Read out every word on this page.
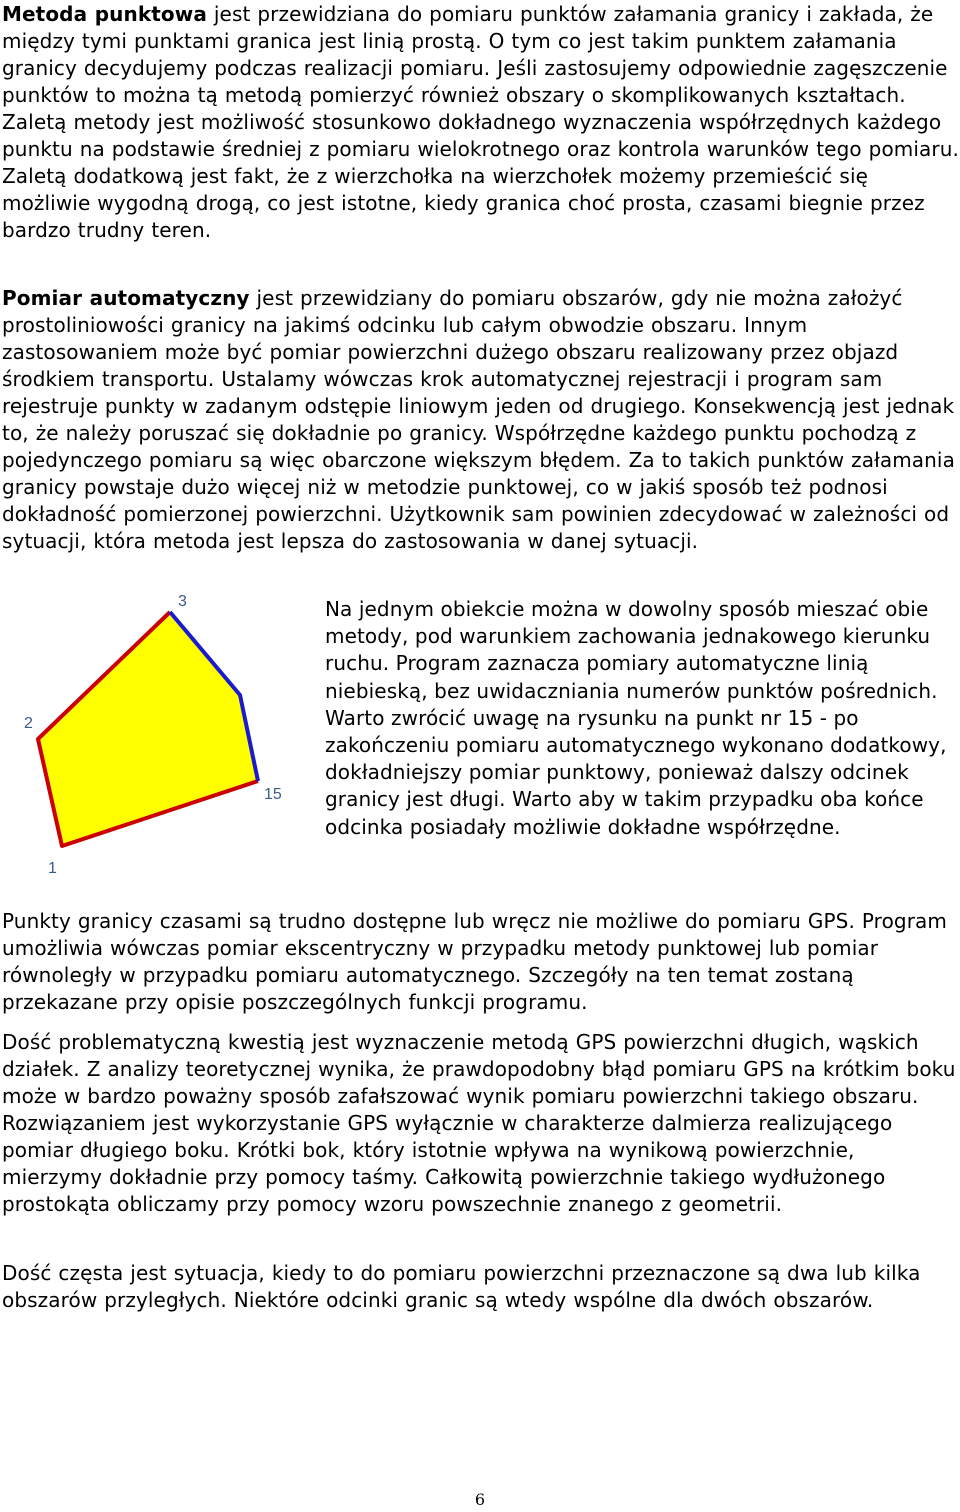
Metoda punktowa jest przewidziana do pomiaru punktów załamania granicy i zakłada, że między tymi punktami granica jest linią prostą. O tym co jest takim punktem załamania granicy decydujemy podczas realizacji pomiaru. Jeśli zastosujemy odpowiednie zagęszczenie punktów to można tą metodą pomierzyć również obszary o skomplikowanych kształtach. Zaletą metody jest możliwość stosunkowo dokładnego wyznaczenia współrzędnych każdego punktu na podstawie średniej z pomiaru wielokrotnego oraz kontrola warunków tego pomiaru. Zaletą dodatkową jest fakt, że z wierzchołka na wierzchołek możemy przemieścić się możliwie wygodną drogą, co jest istotne, kiedy granica choć prosta, czasami biegnie przez bardzo trudny teren.

Pomiar automatyczny jest przewidziany do pomiaru obszarów, gdy nie można założyć prostoliniowości granicy na jakimś odcinku lub całym obwodzie obszaru. Innym zastosowaniem może być pomiar powierzchni dużego obszaru realizowany przez objazd środkiem transportu. Ustalamy wówczas krok automatycznej rejestracji i program sam rejestruje punkty w zadanym odstępie liniowym jeden od drugiego. Konsekwencją jest jednak to, że należy poruszać się dokładnie po granicy. Współrzędne każdego punktu pochodzą z pojedynczego pomiaru są więc obarczone większym błędem. Za to takich punktów załamania granicy powstaje dużo więcej niż w metodzie punktowej, co w jakiś sposób też podnosi dokładność pomierzonej powierzchni. Użytkownik sam powinien zdecydować w zależności od sytuacji, która metoda jest lepsza do zastosowania w danej sytuacji.

3
2
15
1

Na jednym obiekcie można w dowolny sposób mieszać obie metody, pod warunkiem zachowania jednakowego kierunku ruchu. Program zaznacza pomiary automatyczne linią niebieską, bez uwidaczniania numerów punktów pośrednich.
Warto zwrócić uwagę na rysunku na punkt nr 15 - po zakończeniu pomiaru automatycznego wykonano dodatkowy, dokładniejszy pomiar punktowy, ponieważ dalszy odcinek granicy jest długi. Warto aby w takim przypadku oba końce odcinka posiadały możliwie dokładne współrzędne.

Punkty granicy czasami są trudno dostępne lub wręcz nie możliwe do pomiaru GPS. Program umożliwia wówczas pomiar ekscentryczny w przypadku metody punktowej lub pomiar równoległy w przypadku pomiaru automatycznego. Szczegóły na ten temat zostaną przekazane przy opisie poszczególnych funkcji programu.

Dość problematyczną kwestią jest wyznaczenie metodą GPS powierzchni długich, wąskich działek. Z analizy teoretycznej wynika, że prawdopodobny błąd pomiaru GPS na krótkim boku może w bardzo poważny sposób zafałszować wynik pomiaru powierzchni takiego obszaru. Rozwiązaniem jest wykorzystanie GPS wyłącznie w charakterze dalmierza realizującego pomiar długiego boku. Krótki bok, który istotnie wpływa na wynikową powierzchnie, mierzymy dokładnie przy pomocy taśmy. Całkowitą powierzchnie takiego wydłużonego prostokąta obliczamy przy pomocy wzoru powszechnie znanego z geometrii.

Dość częsta jest sytuacja, kiedy to do pomiaru powierzchni przeznaczone są dwa lub kilka obszarów przyległych. Niektóre odcinki granic są wtedy wspólne dla dwóch obszarów.

6
